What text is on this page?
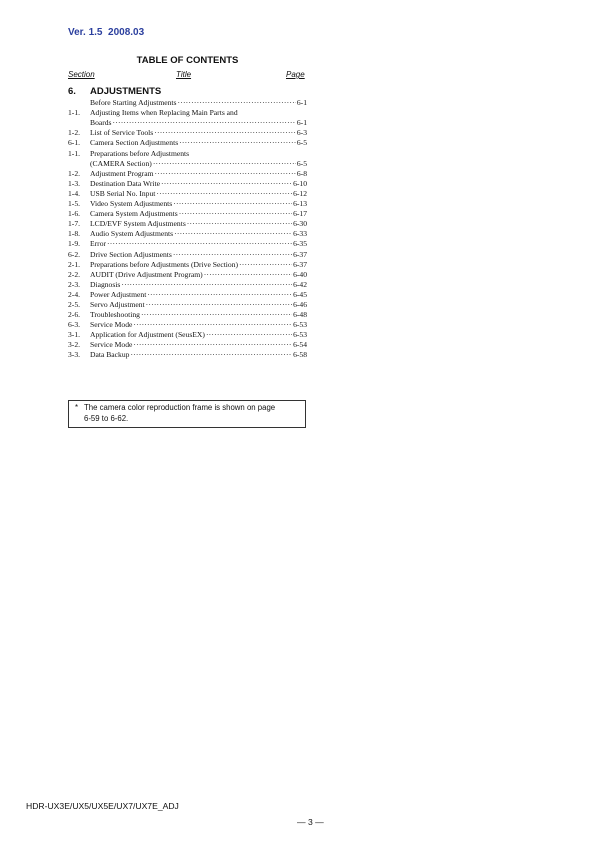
Ver. 1.5  2008.03
TABLE OF CONTENTS
Section	Title	Page
6. ADJUSTMENTS
Before Starting Adjustments ·····	6-1
1-1.	Adjusting Items when Replacing Main Parts and
Boards ·····	6-1
1-2.	List of Service Tools ·····	6-3
6-1.	Camera Section Adjustments ·····	6-5
1-1.	Preparations before Adjustments
(CAMERA Section) ·····	6-5
1-2.	Adjustment Program ·····	6-8
1-3.	Destination Data Write ·····	6-10
1-4.	USB Serial No. Input ·····	6-12
1-5.	Video System Adjustments ·····	6-13
1-6.	Camera System Adjustments ·····	6-17
1-7.	LCD/EVF System Adjustments ·····	6-30
1-8.	Audio System Adjustments ·····	6-33
1-9.	Error ·····	6-35
6-2.	Drive Section Adjustments ·····	6-37
2-1.	Preparations before Adjustments (Drive Section) ·····	6-37
2-2.	AUDIT (Drive Adjustment Program) ·····	6-40
2-3.	Diagnosis ·····	6-42
2-4.	Power Adjustment ·····	6-45
2-5.	Servo Adjustment ·····	6-46
2-6.	Troubleshooting ·····	6-48
6-3.	Service Mode ·····	6-53
3-1.	Application for Adjustment (SeusEX) ·····	6-53
3-2.	Service Mode ·····	6-54
3-3.	Data Backup ·····	6-58
* The camera color reproduction frame is shown on page
6-59 to 6-62.
HDR-UX3E/UX5/UX5E/UX7/UX7E_ADJ
— 3 —
